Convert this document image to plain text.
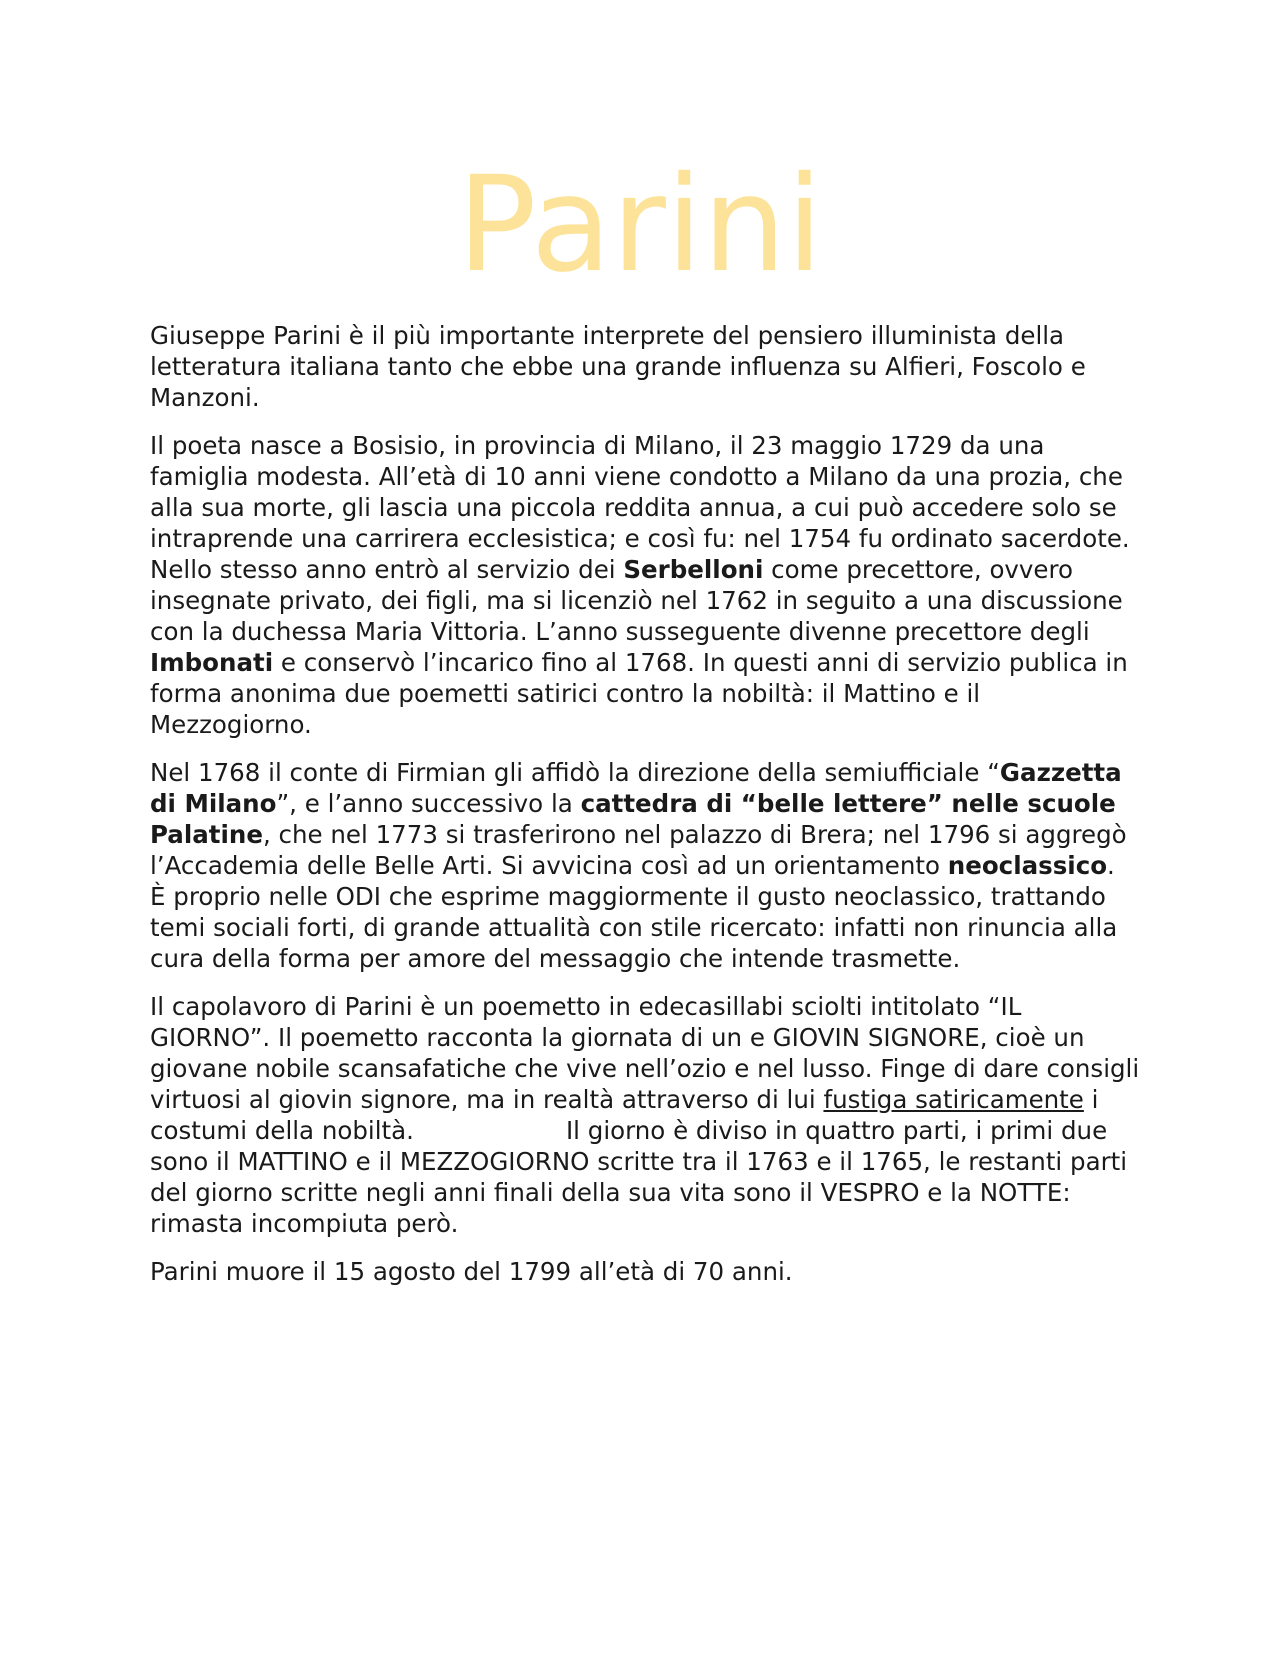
Parini

Giuseppe Parini è il più importante interprete del pensiero illuminista della letteratura italiana tanto che ebbe una grande influenza su Alfieri, Foscolo e Manzoni.

Il poeta nasce a Bosisio, in provincia di Milano, il 23 maggio 1729 da una famiglia modesta. All’età di 10 anni viene condotto a Milano da una prozia, che alla sua morte, gli lascia una piccola reddita annua, a cui può accedere solo se intraprende una carrirera ecclesistica; e così fu: nel 1754 fu ordinato sacerdote. Nello stesso anno entrò al servizio dei Serbelloni come precettore, ovvero insegnate privato, dei figli, ma si licenziò nel 1762 in seguito a una discussione con la duchessa Maria Vittoria. L’anno susseguente divenne precettore degli Imbonati e conservò l’incarico fino al 1768. In questi anni di servizio publica in forma anonima due poemetti satirici contro la nobiltà: il Mattino e il Mezzogiorno.

Nel 1768 il conte di Firmian gli affidò la direzione della semiufficiale “Gazzetta di Milano”, e l’anno successivo la cattedra di “belle lettere” nelle scuole Palatine, che nel 1773 si trasferirono nel palazzo di Brera; nel 1796 si aggregò l’Accademia delle Belle Arti. Si avvicina così ad un orientamento neoclassico.

È proprio nelle ODI che esprime maggiormente il gusto neoclassico, trattando temi sociali forti, di grande attualità con stile ricercato: infatti non rinuncia alla cura della forma per amore del messaggio che intende trasmette.

Il capolavoro di Parini è un poemetto in edecasillabi sciolti intitolato “IL GIORNO”. Il poemetto racconta la giornata di un e GIOVIN SIGNORE, cioè un giovane nobile scansafatiche che vive nell’ozio e nel lusso. Finge di dare consigli virtuosi al giovin signore, ma in realtà attraverso di lui fustiga satiricamente i costumi della nobiltà.	Il giorno è diviso in quattro parti, i primi due sono il MATTINO e il MEZZOGIORNO scritte tra il 1763 e il 1765, le restanti parti del giorno scritte negli anni finali della sua vita sono il VESPRO e la NOTTE: rimasta incompiuta però.

Parini muore il 15 agosto del 1799 all’età di 70 anni.
